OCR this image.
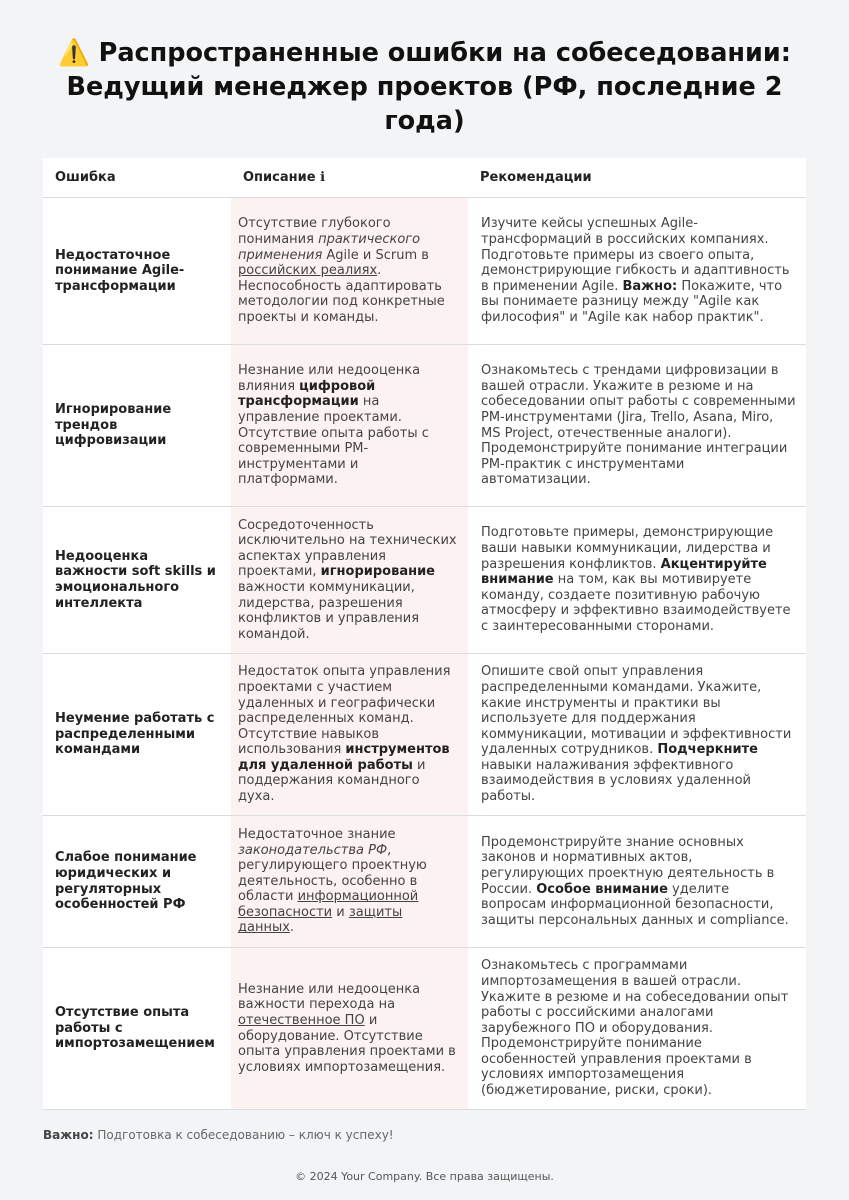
⚠️ Распространенные ошибки на собеседовании: Ведущий менеджер проектов (РФ, последние 2 года)
Ошибка	Описание ℹ	Рекомендации
Недостаточное понимание Agile-трансформации	Отсутствие глубокого понимания практического применения Agile и Scrum в российских реалиях. Неспособность адаптировать методологии под конкретные проекты и команды.	Изучите кейсы успешных Agile-трансформаций в российских компаниях. Подготовьте примеры из своего опыта, демонстрирующие гибкость и адаптивность в применении Agile. Важно: Покажите, что вы понимаете разницу между "Agile как философия" и "Agile как набор практик".
Игнорирование трендов цифровизации	Незнание или недооценка влияния цифровой трансформации на управление проектами. Отсутствие опыта работы с современными PM-инструментами и платформами.	Ознакомьтесь с трендами цифровизации в вашей отрасли. Укажите в резюме и на собеседовании опыт работы с современными PM-инструментами (Jira, Trello, Asana, Miro, MS Project, отечественные аналоги). Продемонстрируйте понимание интеграции PM-практик с инструментами автоматизации.
Недооценка важности soft skills и эмоционального интеллекта	Сосредоточенность исключительно на технических аспектах управления проектами, игнорирование важности коммуникации, лидерства, разрешения конфликтов и управления командой.	Подготовьте примеры, демонстрирующие ваши навыки коммуникации, лидерства и разрешения конфликтов. Акцентируйте внимание на том, как вы мотивируете команду, создаете позитивную рабочую атмосферу и эффективно взаимодействуете с заинтересованными сторонами.
Неумение работать с распределенными командами	Недостаток опыта управления проектами с участием удаленных и географически распределенных команд. Отсутствие навыков использования инструментов для удаленной работы и поддержания командного духа.	Опишите свой опыт управления распределенными командами. Укажите, какие инструменты и практики вы используете для поддержания коммуникации, мотивации и эффективности удаленных сотрудников. Подчеркните навыки налаживания эффективного взаимодействия в условиях удаленной работы.
Слабое понимание юридических и регуляторных особенностей РФ	Недостаточное знание законодательства РФ, регулирующего проектную деятельность, особенно в области информационной безопасности и защиты данных.	Продемонстрируйте знание основных законов и нормативных актов, регулирующих проектную деятельность в России. Особое внимание уделите вопросам информационной безопасности, защиты персональных данных и compliance.
Отсутствие опыта работы с импортозамещением	Незнание или недооценка важности перехода на отечественное ПО и оборудование. Отсутствие опыта управления проектами в условиях импортозамещения.	Ознакомьтесь с программами импортозамещения в вашей отрасли. Укажите в резюме и на собеседовании опыт работы с российскими аналогами зарубежного ПО и оборудования. Продемонстрируйте понимание особенностей управления проектами в условиях импортозамещения (бюджетирование, риски, сроки).
Важно: Подготовка к собеседованию – ключ к успеху!
© 2024 Your Company. Все права защищены.
